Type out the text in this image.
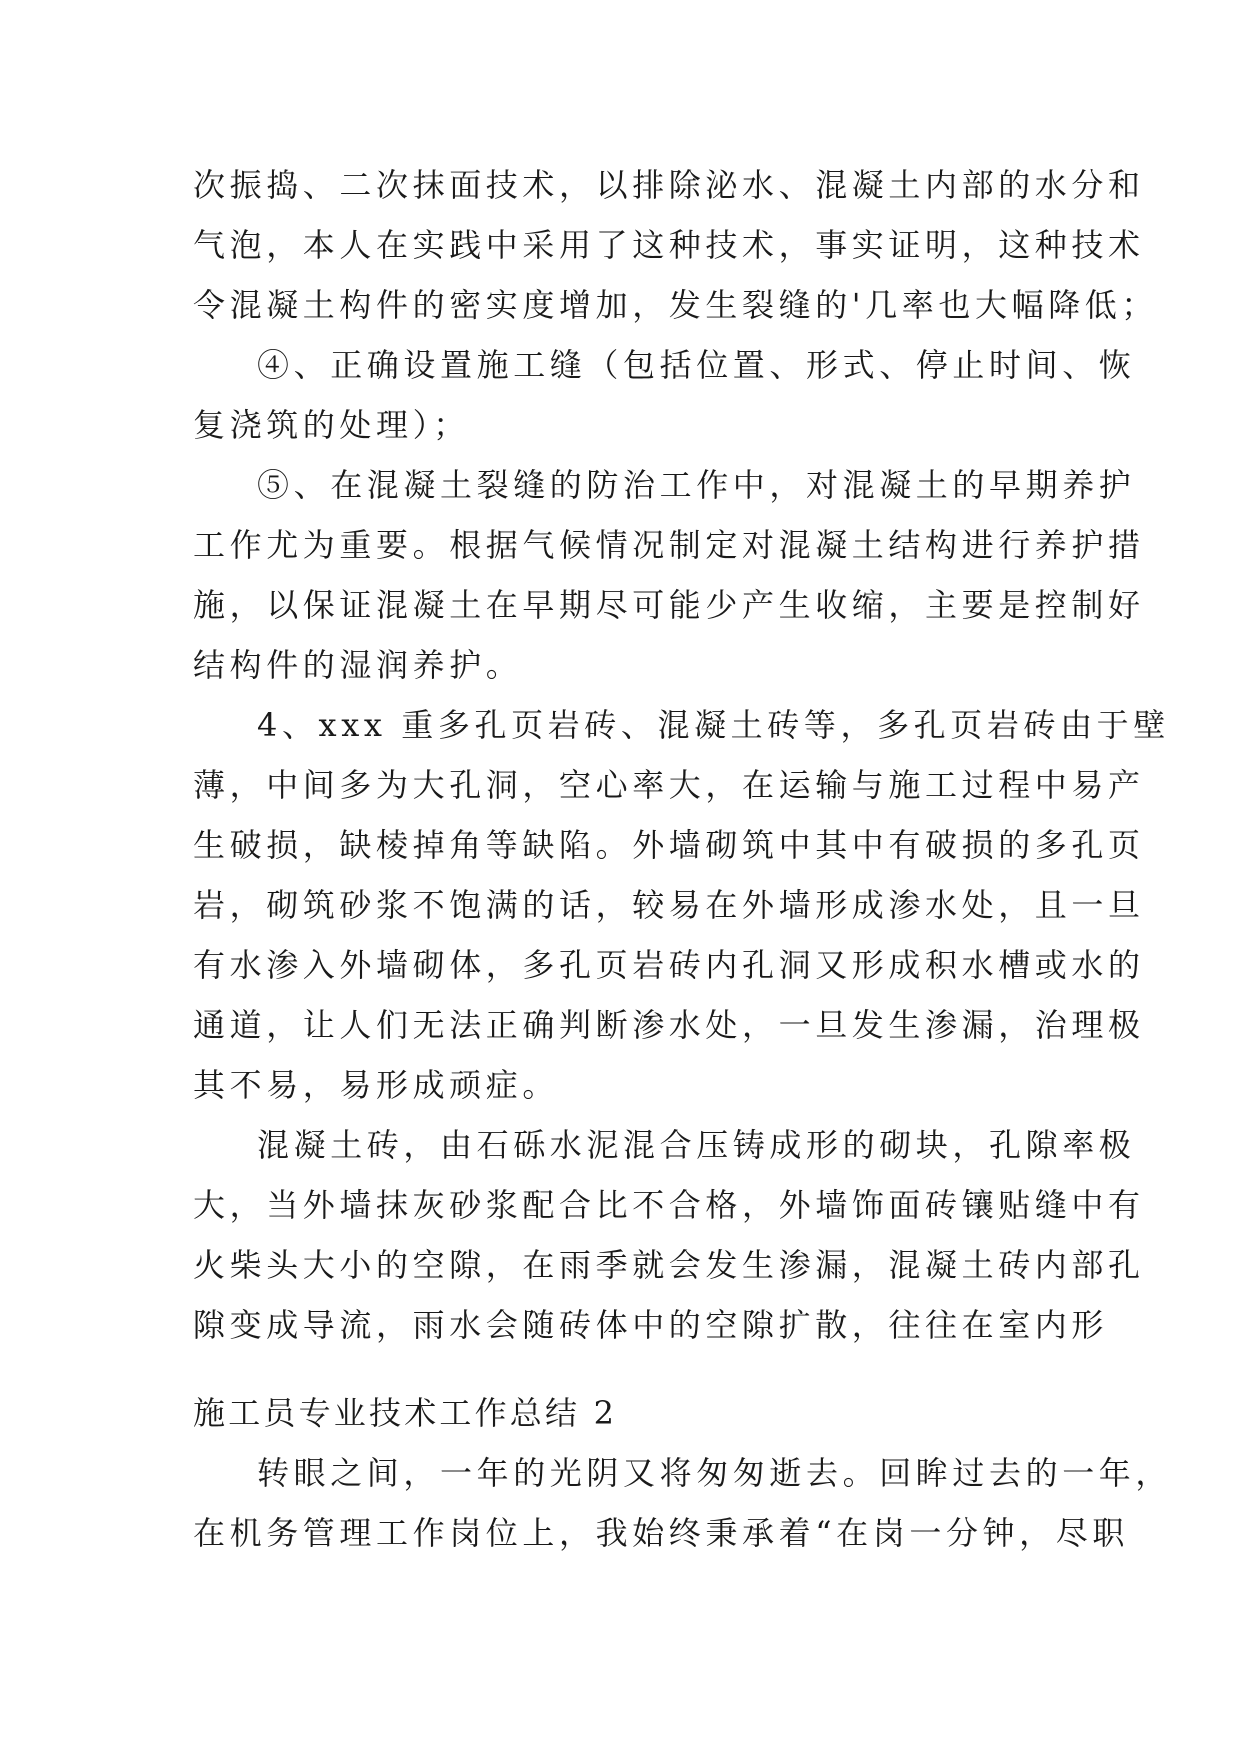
次振捣、二次抹面技术，以排除泌水、混凝土内部的水分和
气泡，本人在实践中采用了这种技术，事实证明，这种技术
令混凝土构件的密实度增加，发生裂缝的'几率也大幅降低；
④、正确设置施工缝（包括位置、形式、停止时间、恢
复浇筑的处理）；
⑤、在混凝土裂缝的防治工作中，对混凝土的早期养护
工作尤为重要。根据气候情况制定对混凝土结构进行养护措
施，以保证混凝土在早期尽可能少产生收缩，主要是控制好
结构件的湿润养护。
4、xxx 重多孔页岩砖、混凝土砖等，多孔页岩砖由于壁
薄，中间多为大孔洞，空心率大，在运输与施工过程中易产
生破损，缺棱掉角等缺陷。外墙砌筑中其中有破损的多孔页
岩，砌筑砂浆不饱满的话，较易在外墙形成渗水处，且一旦
有水渗入外墙砌体，多孔页岩砖内孔洞又形成积水槽或水的
通道，让人们无法正确判断渗水处，一旦发生渗漏，治理极
其不易，易形成顽症。
混凝土砖，由石砾水泥混合压铸成形的砌块，孔隙率极
大，当外墙抹灰砂浆配合比不合格，外墙饰面砖镶贴缝中有
火柴头大小的空隙，在雨季就会发生渗漏，混凝土砖内部孔
隙变成导流，雨水会随砖体中的空隙扩散，往往在室内形
施工员专业技术工作总结 2
转眼之间，一年的光阴又将匆匆逝去。回眸过去的一年，
在机务管理工作岗位上，我始终秉承着“在岗一分钟，尽职
